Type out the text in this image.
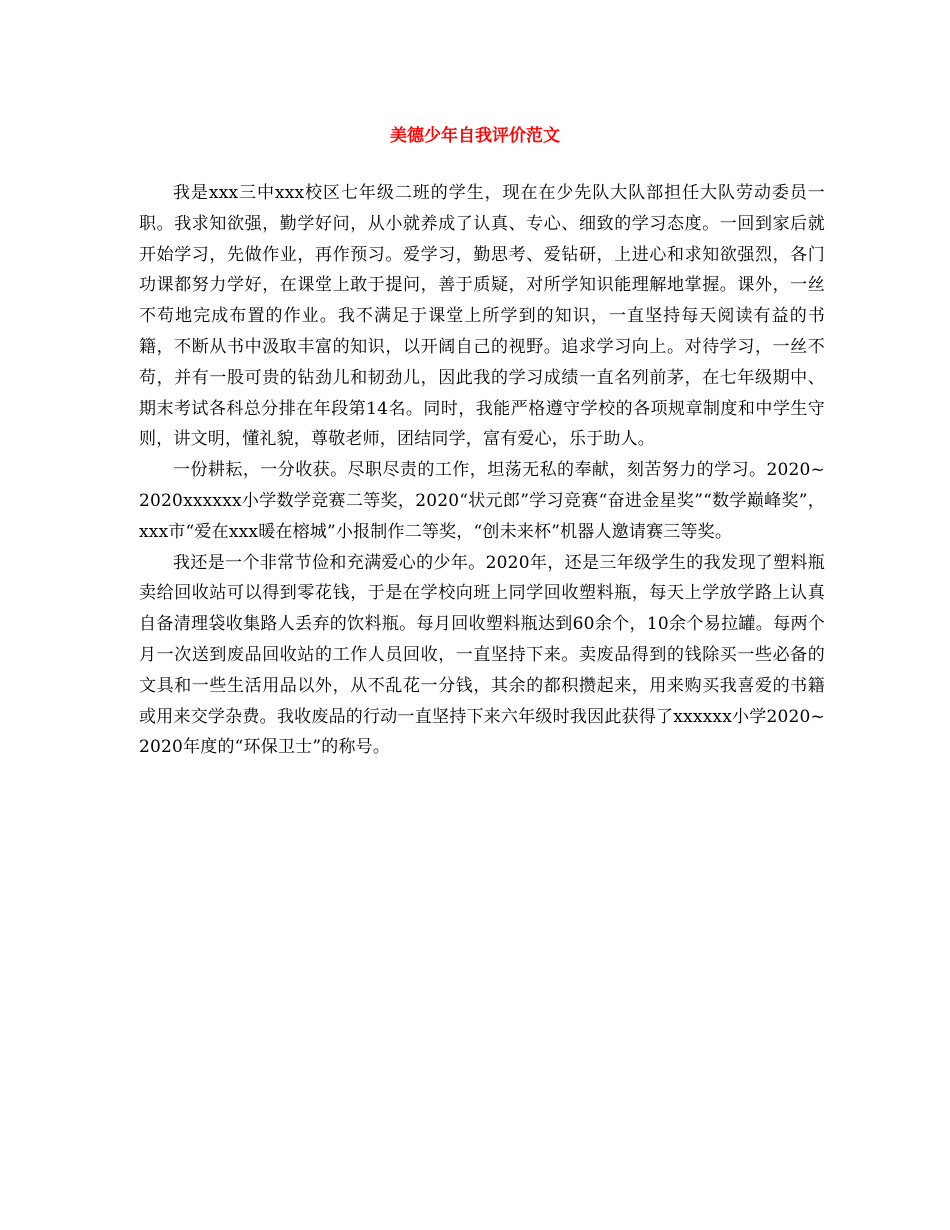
美德少年自我评价范文

我是xxx三中xxx校区七年级二班的学生，现在在少先队大队部担任大队劳动委员一职。我求知欲强，勤学好问，从小就养成了认真、专心、细致的学习态度。一回到家后就开始学习，先做作业，再作预习。爱学习，勤思考、爱钻研，上进心和求知欲强烈，各门功课都努力学好，在课堂上敢于提问，善于质疑，对所学知识能理解地掌握。课外，一丝不苟地完成布置的作业。我不满足于课堂上所学到的知识，一直坚持每天阅读有益的书籍，不断从书中汲取丰富的知识，以开阔自己的视野。追求学习向上。对待学习，一丝不苟，并有一股可贵的钻劲儿和韧劲儿，因此我的学习成绩一直名列前茅，在七年级期中、期末考试各科总分排在年段第14名。同时，我能严格遵守学校的各项规章制度和中学生守则，讲文明，懂礼貌，尊敬老师，团结同学，富有爱心，乐于助人。

一份耕耘，一分收获。尽职尽责的工作，坦荡无私的奉献，刻苦努力的学习。2020~2020xxxxxx小学数学竞赛二等奖，2020“状元郎”学习竞赛“奋进金星奖”“数学巅峰奖”，xxx市“爱在xxx暖在榕城”小报制作二等奖，“创未来杯”机器人邀请赛三等奖。

我还是一个非常节俭和充满爱心的少年。2020年，还是三年级学生的我发现了塑料瓶卖给回收站可以得到零花钱，于是在学校向班上同学回收塑料瓶，每天上学放学路上认真自备清理袋收集路人丢弃的饮料瓶。每月回收塑料瓶达到60余个，10余个易拉罐。每两个月一次送到废品回收站的工作人员回收，一直坚持下来。卖废品得到的钱除买一些必备的文具和一些生活用品以外，从不乱花一分钱，其余的都积攒起来，用来购买我喜爱的书籍或用来交学杂费。我收废品的行动一直坚持下来六年级时我因此获得了xxxxxx小学2020~2020年度的“环保卫士”的称号。
